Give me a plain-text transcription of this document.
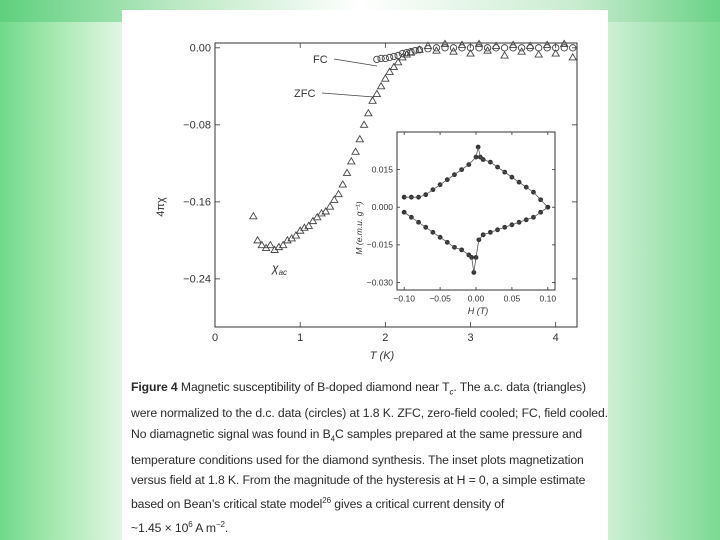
0	1	2	3	4
0.00
−0.08
−0.16
−0.24
−0.10 −0.05 0.00 0.05 0.10
0.015
0.000
−0.015
−0.030
4πχ
T (K)
FC
ZFC
$\chi_{ac}$
M (e.m.u. g⁻¹)
H (T)
Figure 4 Magnetic susceptibility of B-doped diamond near $T_c$. The a.c. data (triangles)
were normalized to the d.c. data (circles) at 1.8 K. ZFC, zero-field cooled; FC, field cooled.
No diamagnetic signal was found in $B_4C$ samples prepared at the same pressure and
temperature conditions used for the diamond synthesis. The inset plots magnetization
versus field at 1.8 K. From the magnitude of the hysteresis at H = 0, a simple estimate
based on Bean’s critical state model$^{26}$ gives a critical current density of
~1.45 × $10^6$ A $m^{-2}$.
